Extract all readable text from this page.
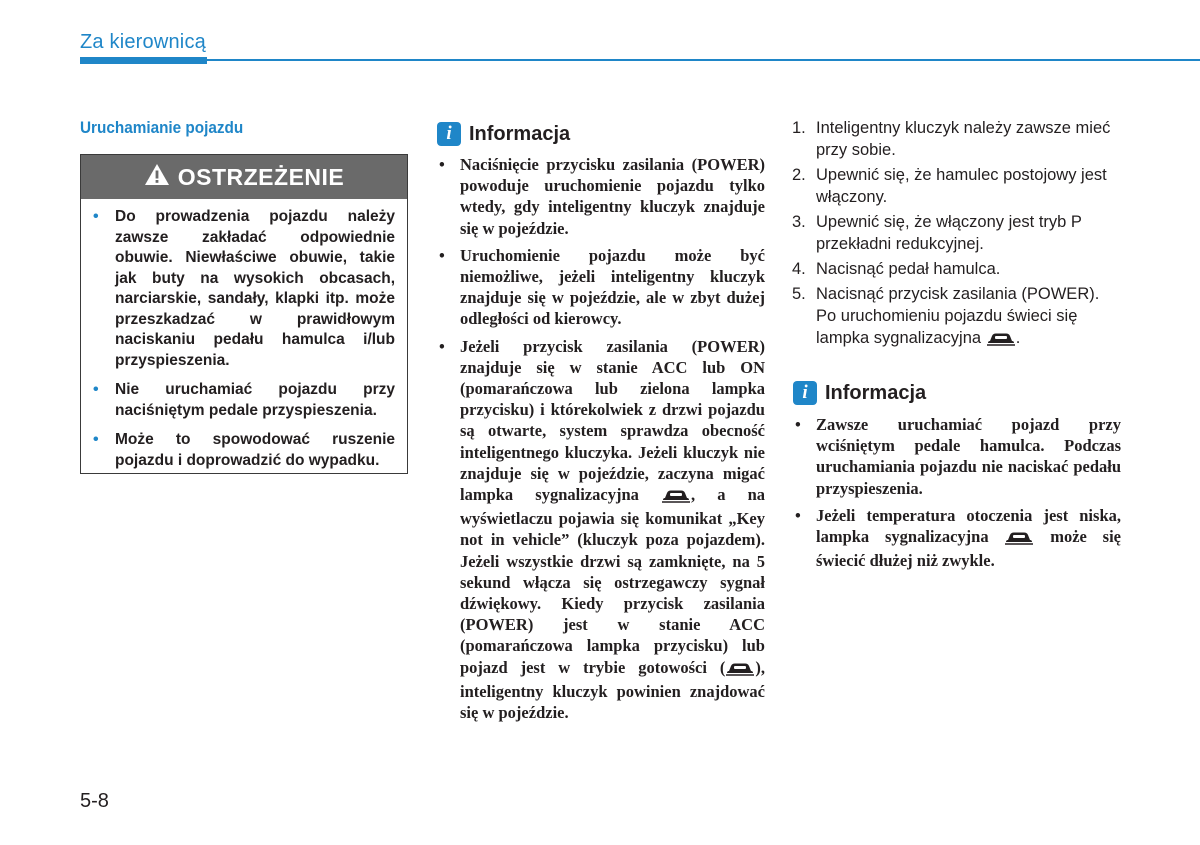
Za kierownicą
Uruchamianie pojazdu
OSTRZEŻENIE
• Do prowadzenia pojazdu należy zawsze zakładać odpowiednie obuwie. Niewłaściwe obuwie, takie jak buty na wysokich obcasach, narciarskie, sandały, klapki itp. może przeszkadzać w prawidłowym naciskaniu pedału hamulca i/lub przyspieszenia.
• Nie uruchamiać pojazdu przy naciśniętym pedale przyspieszenia.
• Może to spowodować ruszenie pojazdu i doprowadzić do wypadku.
i Informacja
• Naciśnięcie przycisku zasilania (POWER) powoduje uruchomienie pojazdu tylko wtedy, gdy inteligentny kluczyk znajduje się w pojeździe.
• Uruchomienie pojazdu może być niemożliwe, jeżeli inteligentny kluczyk znajduje się w pojeździe, ale w zbyt dużej odległości od kierowcy.
• Jeżeli przycisk zasilania (POWER) znajduje się w stanie ACC lub ON (pomarańczowa lub zielona lampka przycisku) i którekolwiek z drzwi pojazdu są otwarte, system sprawdza obecność inteligentnego kluczyka. Jeżeli kluczyk nie znajduje się w pojeździe, zaczyna migać lampka sygnalizacyjna	, a na wyświetlaczu pojawia się komunikat „Key not in vehicle” (kluczyk poza pojazdem). Jeżeli wszystkie drzwi są zamknięte, na 5 sekund włącza się ostrzegawczy sygnał dźwiękowy. Kiedy przycisk zasilania (POWER) jest w stanie ACC (pomarańczowa lampka przycisku) lub pojazd jest w trybie gotowości ( ), inteligentny kluczyk powinien znajdować się w pojeździe.
1. Inteligentny kluczyk należy zawsze mieć przy sobie.
2. Upewnić się, że hamulec postojowy jest włączony.
3. Upewnić się, że włączony jest tryb P przekładni redukcyjnej.
4. Nacisnąć pedał hamulca.
5. Nacisnąć przycisk zasilania (POWER). Po uruchomieniu pojazdu świeci się lampka sygnalizacyjna .
i Informacja
• Zawsze uruchamiać pojazd przy wciśniętym pedale hamulca. Podczas uruchamiania pojazdu nie naciskać pedału przyspieszenia.
• Jeżeli temperatura otoczenia jest niska, lampka sygnalizacyjna	może się świecić dłużej niż zwykle.
5-8
